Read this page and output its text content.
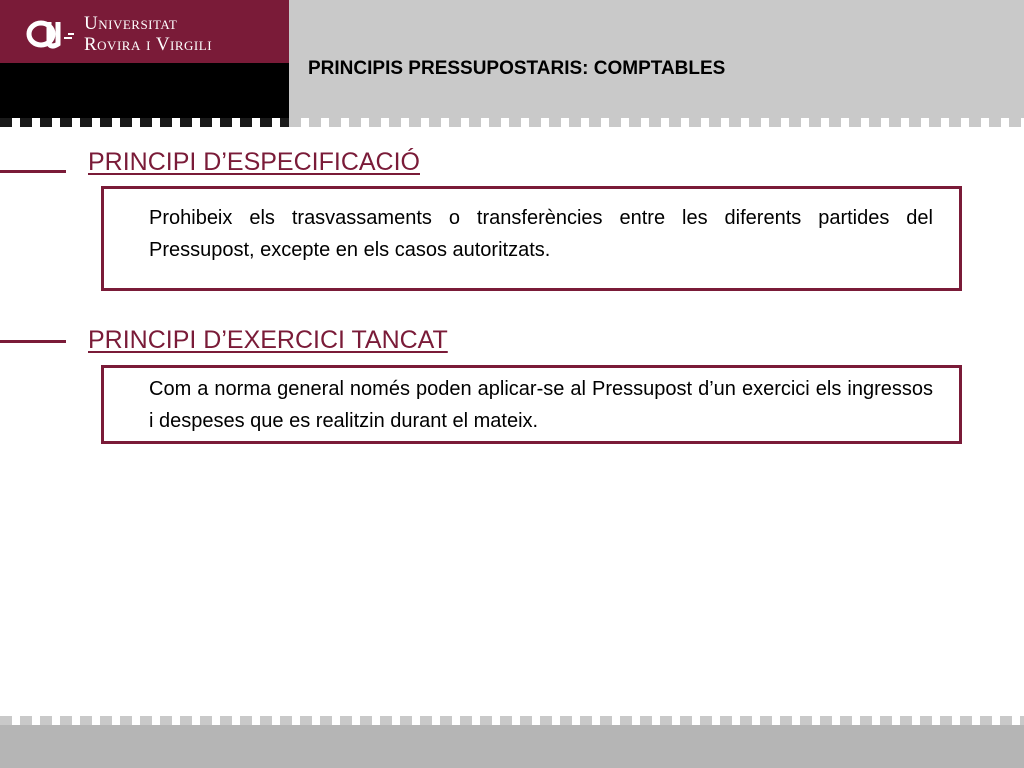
Universitat
Rovira i Virgili
PRINCIPIS PRESSUPOSTARIS: COMPTABLES
PRINCIPI D’ESPECIFICACIÓ
Prohibeix els trasvassaments o transferències entre les diferents partides del Pressupost, excepte en els casos autoritzats.
PRINCIPI D’EXERCICI TANCAT
Com a norma general només poden aplicar-se al Pressupost d’un exercici els ingressos i despeses que es realitzin durant el mateix.
